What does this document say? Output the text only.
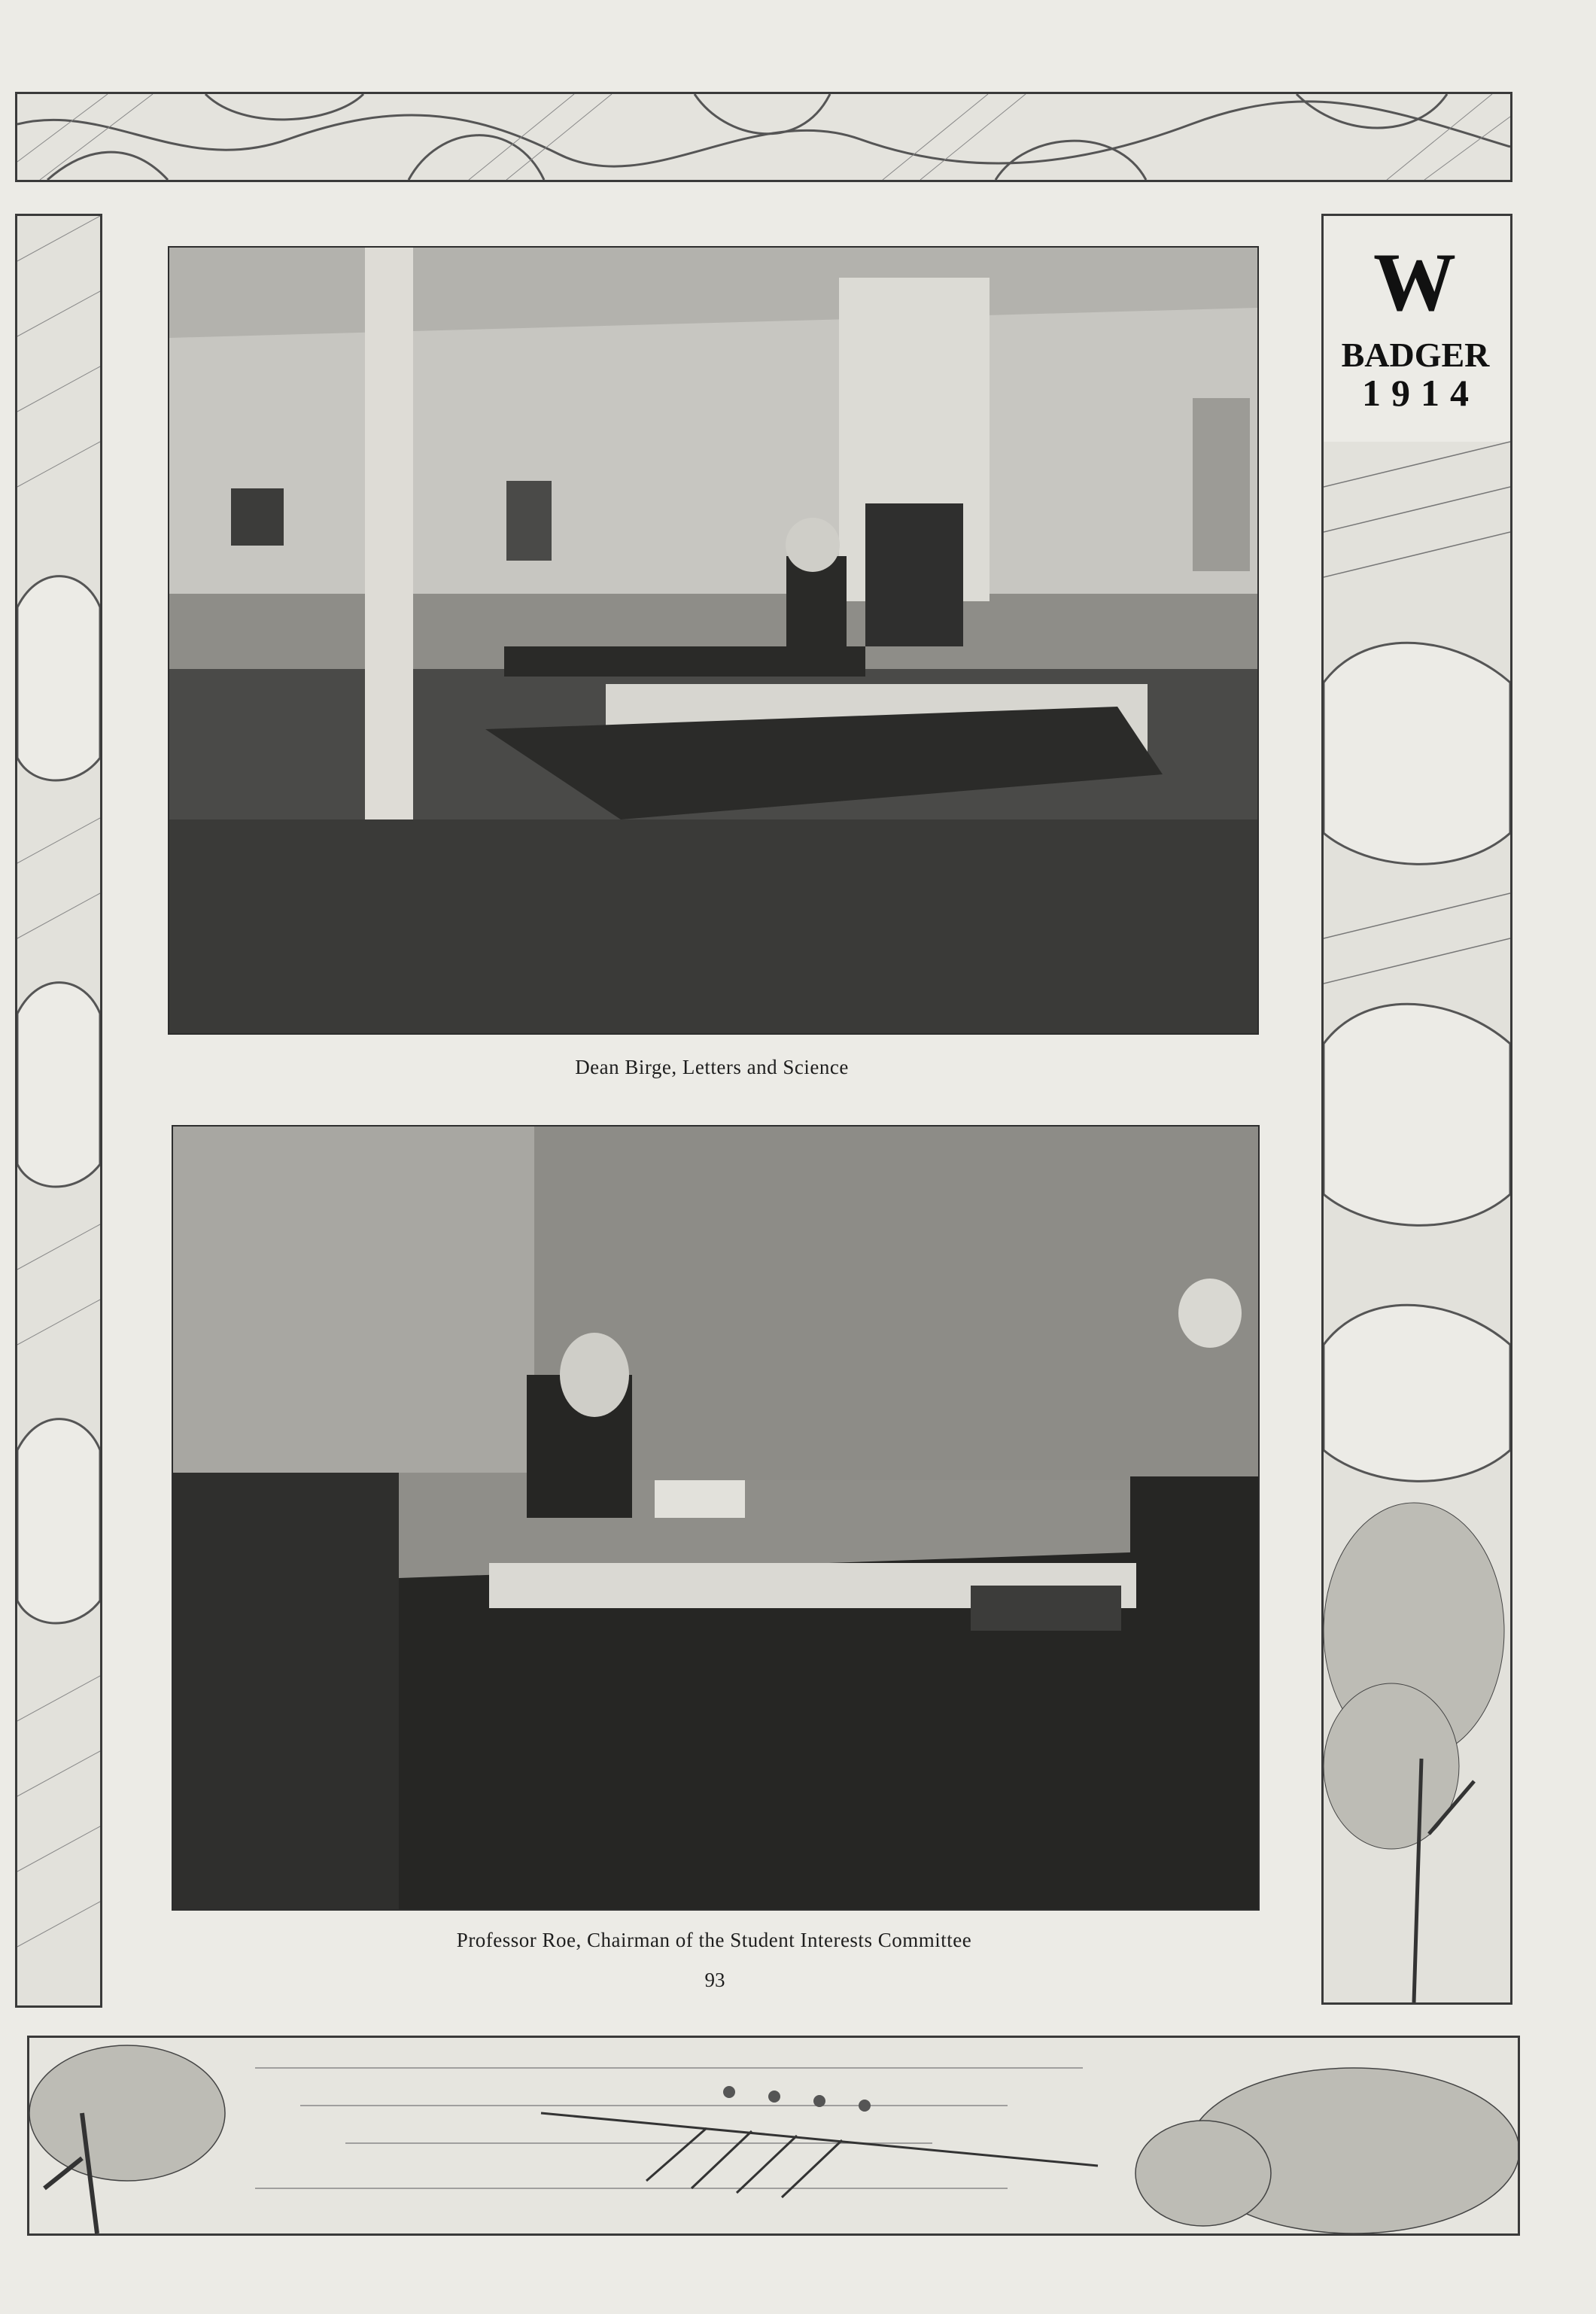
W
BADGER
1914
Dean Birge, Letters and Science
Professor Roe, Chairman of the Student Interests Committee
93
